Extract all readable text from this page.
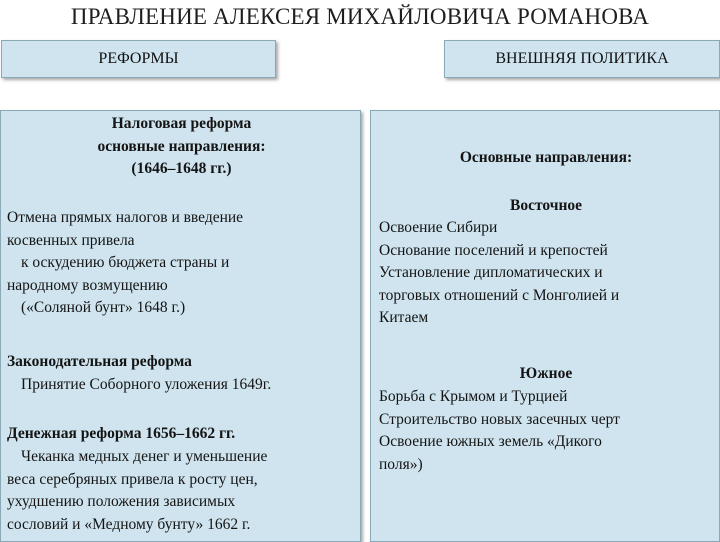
ПРАВЛЕНИЕ АЛЕКСЕЯ МИХАЙЛОВИЧА РОМАНОВА
РЕФОРМЫ	ВНЕШНЯЯ ПОЛИТИКА
Налоговая реформа
основные направления:
(1646–1648 гг.)
Отмена прямых налогов и введение
косвенных привела
к оскудению бюджета страны и
народному возмущению
(«Соляной бунт» 1648 г.)
Законодательная реформа
Принятие Соборного уложения 1649г.
Денежная реформа 1656–1662 гг.
Чеканка медных денег и уменьшение
веса серебряных привела к росту цен,
ухудшению положения зависимых
сословий и «Медному бунту» 1662 г.
Основные направления:
Восточное
Освоение Сибири
Основание поселений и крепостей
Установление дипломатических и
торговых отношений с Монголией и
Китаем
Южное
Борьба с Крымом и Турцией
Строительство новых засечных черт
Освоение южных земель «Дикого
поля»)
